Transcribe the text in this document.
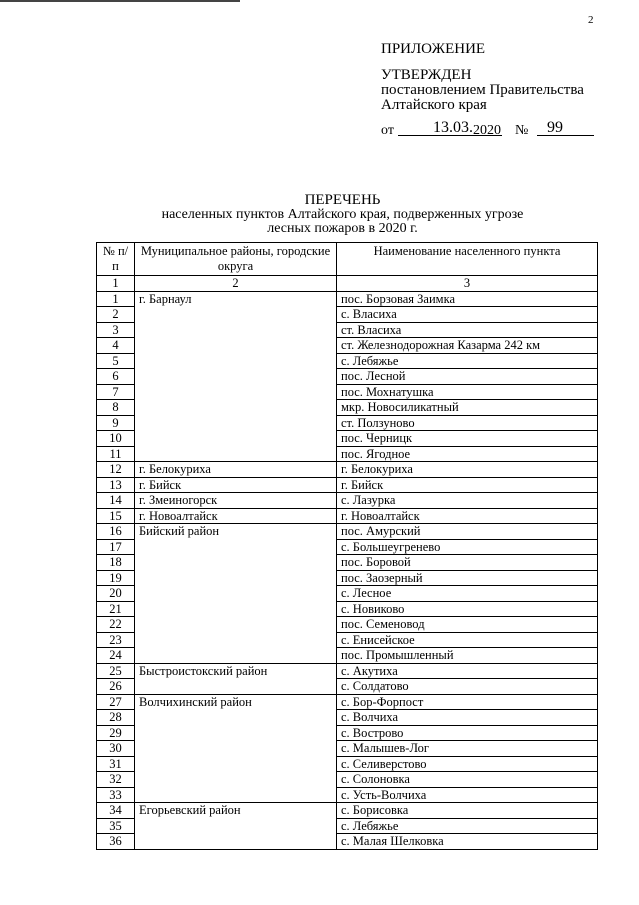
2
ПРИЛОЖЕНИЕ
УТВЕРЖДЕН
постановлением Правительства
Алтайского края
от 13.03. 2020 № 99
ПЕРЕЧЕНЬ
населенных пунктов Алтайского края, подверженных угрозе
лесных пожаров в 2020 г.
№ п/п	Муниципальное районы, городские округа	Наименование населенного пункта
1	2	3
1	г. Барнаул	пос. Борзовая Заимка
2		с. Власиха
3		ст. Власиха
4		ст. Железнодорожная Казарма 242 км
5		с. Лебяжье
6		пос. Лесной
7		пос. Мохнатушка
8		мкр. Новосиликатный
9		ст. Ползуново
10		пос. Черницк
11		пос. Ягодное
12	г. Белокуриха	г. Белокуриха
13	г. Бийск	г. Бийск
14	г. Змеиногорск	с. Лазурка
15	г. Новоалтайск	г. Новоалтайск
16	Бийский район	пос. Амурский
17		с. Большеугренево
18		пос. Боровой
19		пос. Заозерный
20		с. Лесное
21		с. Новиково
22		пос. Семеновод
23		с. Енисейское
24		пос. Промышленный
25	Быстроистокский район	с. Акутиха
26		с. Солдатово
27	Волчихинский район	с. Бор-Форпост
28		с. Волчиха
29		с. Вострово
30		с. Малышев-Лог
31		с. Селиверстово
32		с. Солоновка
33		с. Усть-Волчиха
34	Егорьевский район	с. Борисовка
35		с. Лебяжье
36		с. Малая Шелковка
